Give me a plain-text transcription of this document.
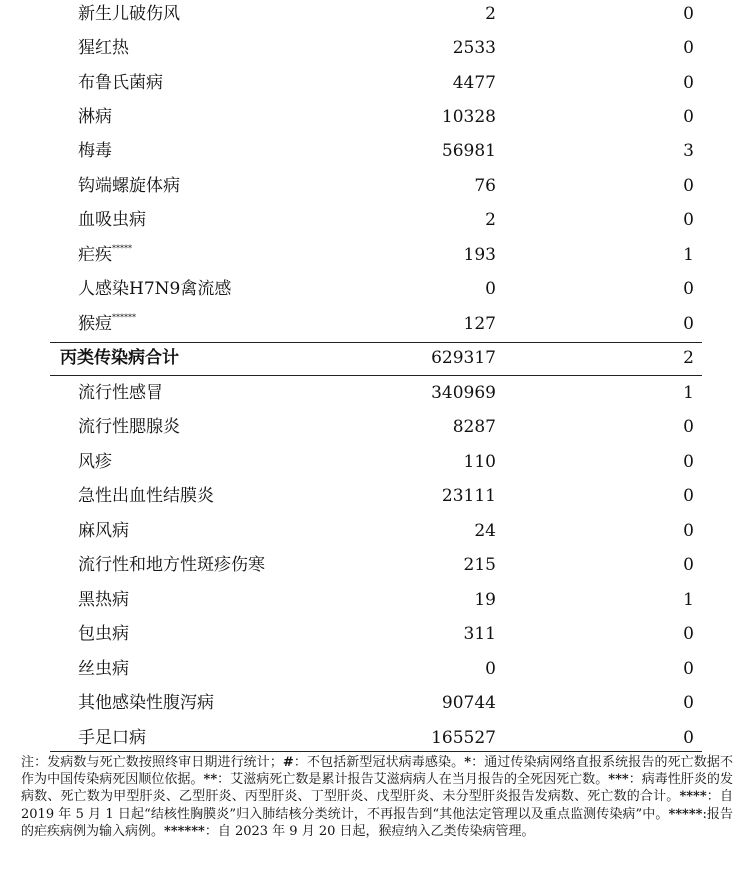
新生儿破伤风	2	0
猩红热	2533	0
布鲁氏菌病	4477	0
淋病	10328	0
梅毒	56981	3
钩端螺旋体病	76	0
血吸虫病	2	0
疟疾*****	193	1
人感染H7N9禽流感	0	0
猴痘******	127	0
丙类传染病合计	629317	2
流行性感冒	340969	1
流行性腮腺炎	8287	0
风疹	110	0
急性出血性结膜炎	23111	0
麻风病	24	0
流行性和地方性斑疹伤寒	215	0
黑热病	19	1
包虫病	311	0
丝虫病	0	0
其他感染性腹泻病	90744	0
手足口病	165527	0
注：发病数与死亡数按照终审日期进行统计；#：不包括新型冠状病毒感染。*：通过传染病网络直报系统报告的死亡数据不作为中国传染病死因顺位依据。**：艾滋病死亡数是累计报告艾滋病病人在当月报告的全死因死亡数。***：病毒性肝炎的发病数、死亡数为甲型肝炎、乙型肝炎、丙型肝炎、丁型肝炎、戊型肝炎、未分型肝炎报告发病数、死亡数的合计。****：自 2019 年 5 月 1 日起“结核性胸膜炎”归入肺结核分类统计，不再报告到“其他法定管理以及重点监测传染病”中。*****:报告的疟疾病例为输入病例。******：自 2023 年 9 月 20 日起，猴痘纳入乙类传染病管理。
